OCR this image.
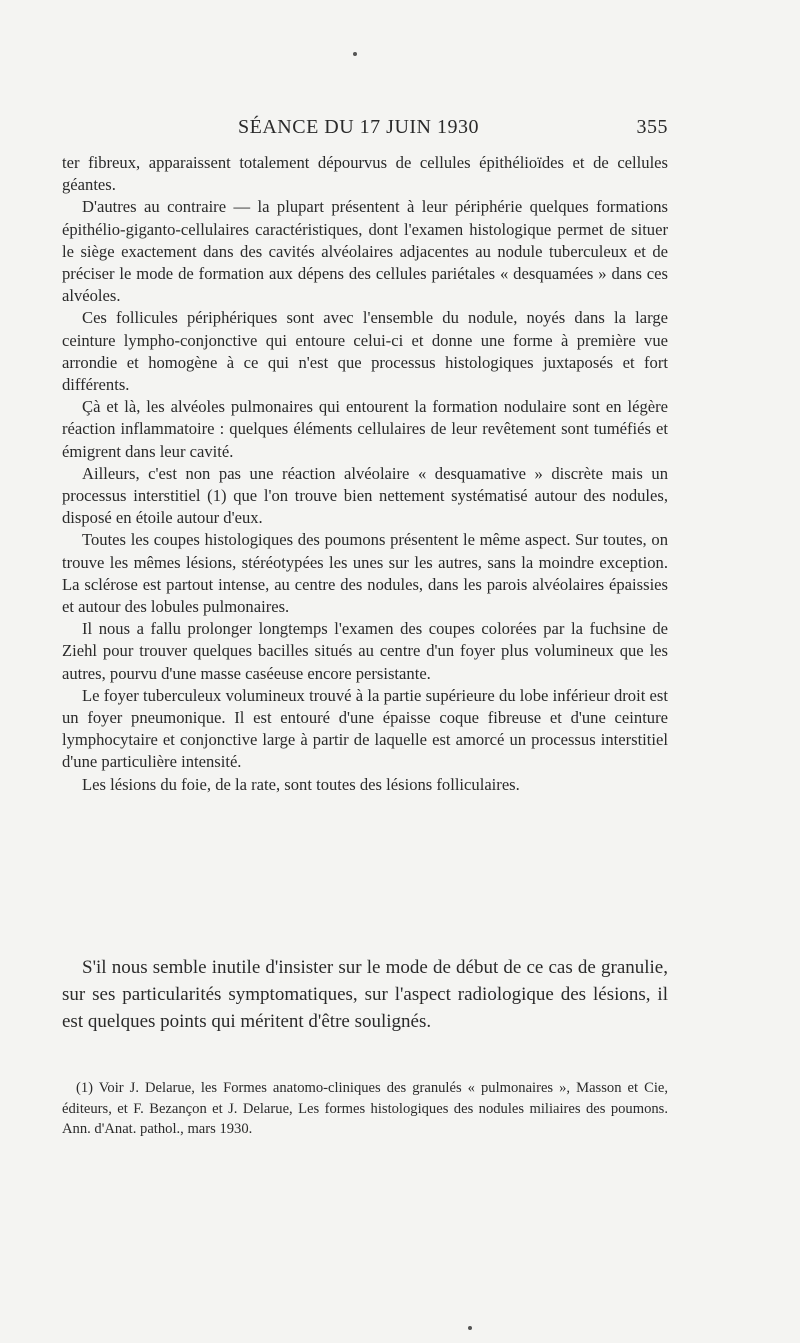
SÉANCE DU 17 JUIN 1930	355

ter fibreux, apparaissent totalement dépourvus de cellules épithélioïdes et de cellules géantes.

D'autres au contraire — la plupart présentent à leur périphérie quelques formations épithélio-giganto-cellulaires caractéristiques, dont l'examen histologique permet de situer le siège exactement dans des cavités alvéolaires adjacentes au nodule tuberculeux et de préciser le mode de formation aux dépens des cellules pariétales « desquamées » dans ces alvéoles.

Ces follicules périphériques sont avec l'ensemble du nodule, noyés dans la large ceinture lympho-conjonctive qui entoure celui-ci et donne une forme à première vue arrondie et homogène à ce qui n'est que processus histologiques juxtaposés et fort différents.

Çà et là, les alvéoles pulmonaires qui entourent la formation nodulaire sont en légère réaction inflammatoire : quelques éléments cellulaires de leur revêtement sont tuméfiés et émigrent dans leur cavité.

Ailleurs, c'est non pas une réaction alvéolaire « desquamative » discrète mais un processus interstitiel (1) que l'on trouve bien nettement systématisé autour des nodules, disposé en étoile autour d'eux.

Toutes les coupes histologiques des poumons présentent le même aspect. Sur toutes, on trouve les mêmes lésions, stéréotypées les unes sur les autres, sans la moindre exception. La sclérose est partout intense, au centre des nodules, dans les parois alvéolaires épaissies et autour des lobules pulmonaires.

Il nous a fallu prolonger longtemps l'examen des coupes colorées par la fuchsine de Ziehl pour trouver quelques bacilles situés au centre d'un foyer plus volumineux que les autres, pourvu d'une masse caséeuse encore persistante.

Le foyer tuberculeux volumineux trouvé à la partie supérieure du lobe inférieur droit est un foyer pneumonique. Il est entouré d'une épaisse coque fibreuse et d'une ceinture lymphocytaire et conjonctive large à partir de laquelle est amorcé un processus interstitiel d'une particulière intensité.

Les lésions du foie, de la rate, sont toutes des lésions folliculaires.

S'il nous semble inutile d'insister sur le mode de début de ce cas de granulie, sur ses particularités symptomatiques, sur l'aspect radiologique des lésions, il est quelques points qui méritent d'être soulignés.

(1) Voir J. Delarue, les Formes anatomo-cliniques des granulés « pulmonaires », Masson et Cie, éditeurs, et F. Bezançon et J. Delarue, Les formes histologiques des nodules miliaires des poumons. Ann. d'Anat. pathol., mars 1930.
